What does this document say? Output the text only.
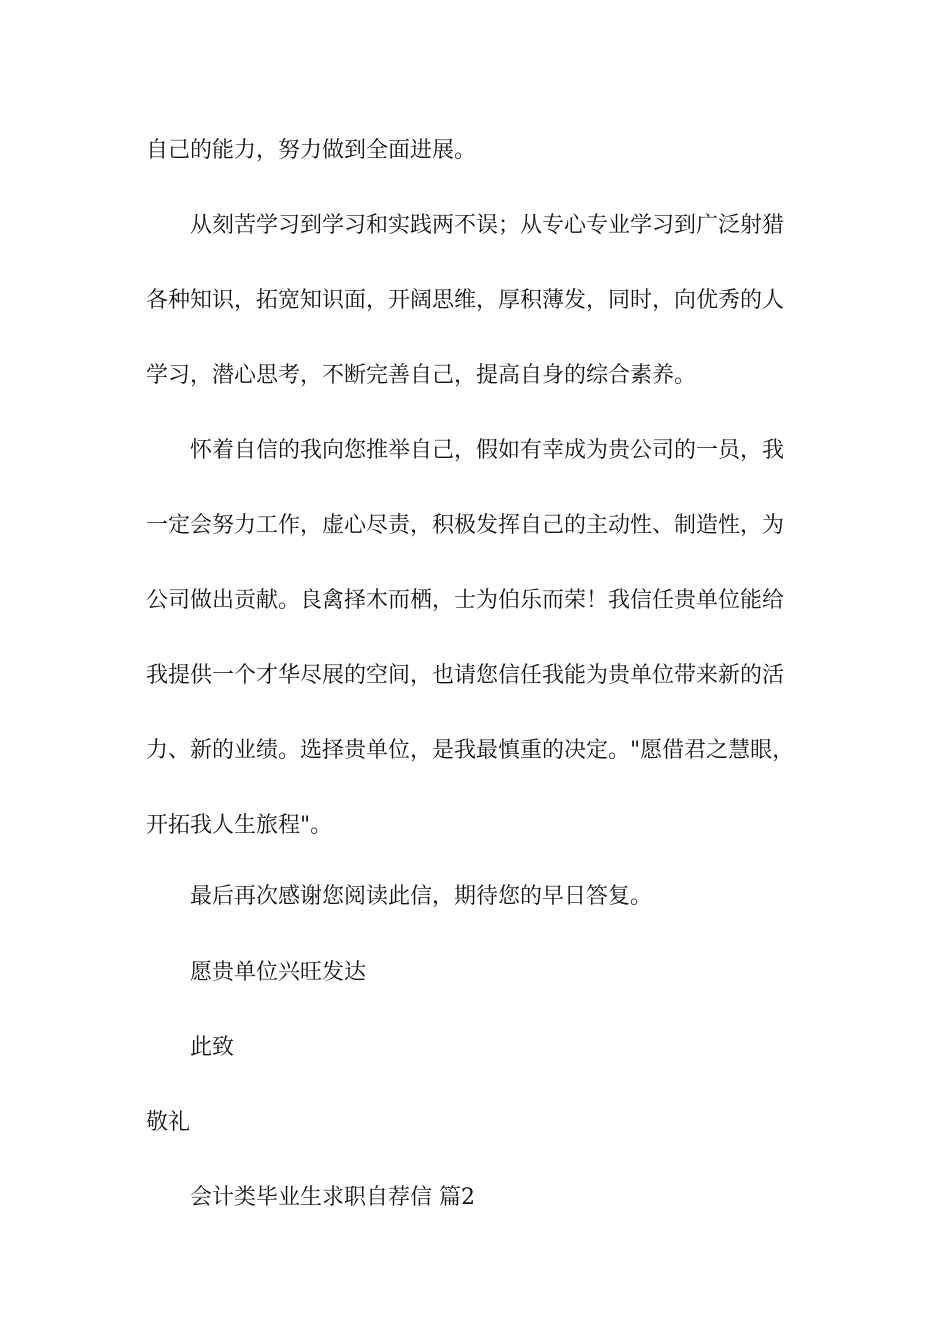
自己的能力，努力做到全面进展。
从刻苦学习到学习和实践两不误；从专心专业学习到广泛射猎
各种知识，拓宽知识面，开阔思维，厚积薄发，同时，向优秀的人
学习，潜心思考，不断完善自己，提高自身的综合素养。
怀着自信的我向您推举自己，假如有幸成为贵公司的一员，我
一定会努力工作，虚心尽责，积极发挥自己的主动性、制造性，为
公司做出贡献。良禽择木而栖，士为伯乐而荣！我信任贵单位能给
我提供一个才华尽展的空间，也请您信任我能为贵单位带来新的活
力、新的业绩。选择贵单位，是我最慎重的决定。"愿借君之慧眼，
开拓我人生旅程"。
最后再次感谢您阅读此信，期待您的早日答复。
愿贵单位兴旺发达
此致
敬礼
会计类毕业生求职自荐信 篇2
